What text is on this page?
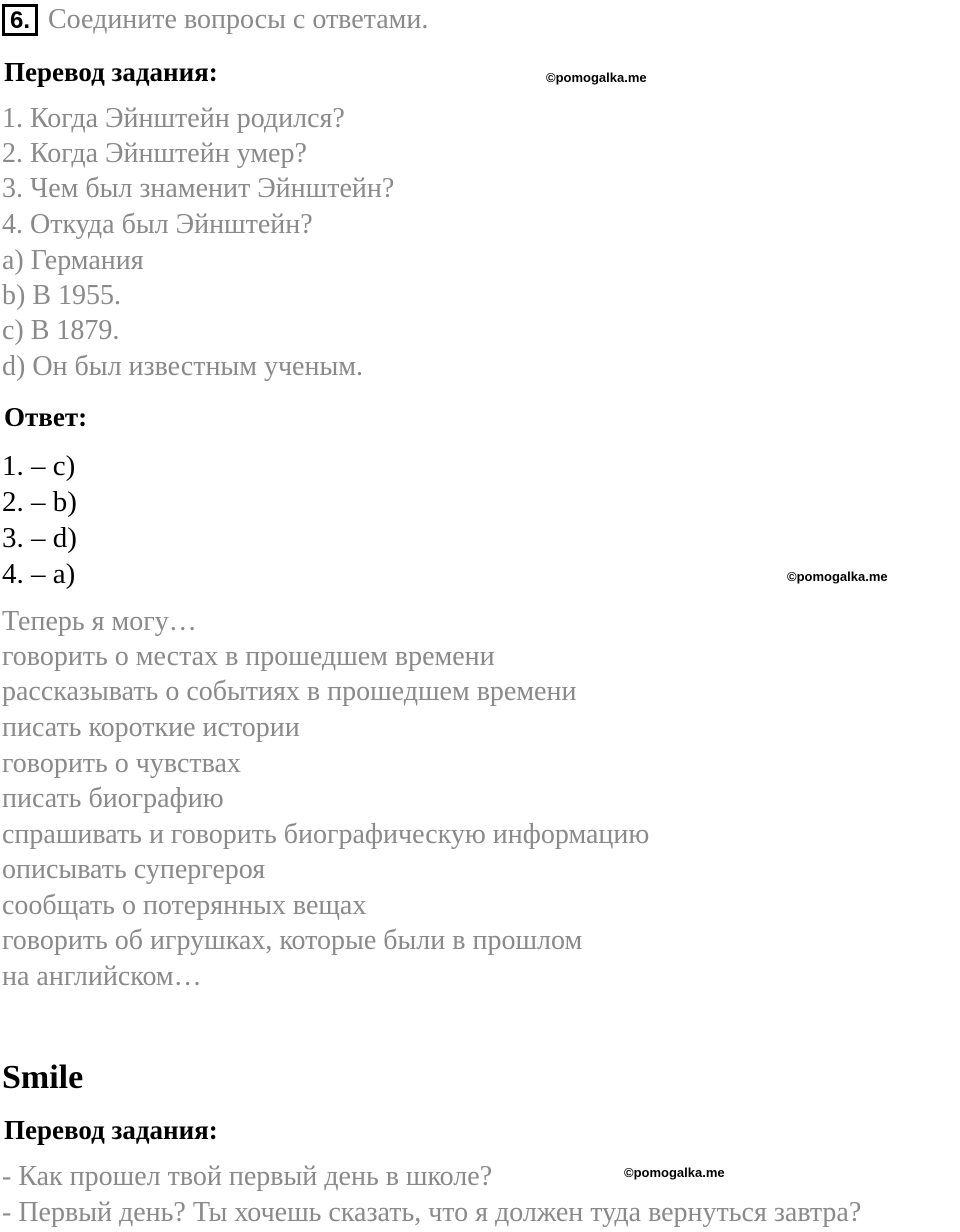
6. Соедините вопросы с ответами.
Перевод задания:	©pomogalka.me
1. Когда Эйнштейн родился?
2. Когда Эйнштейн умер?
3. Чем был знаменит Эйнштейн?
4. Откуда был Эйнштейн?
a) Германия
b) В 1955.
c) В 1879.
d) Он был известным ученым.
Ответ:
1. – c)
2. – b)
3. – d)
4. – a)	©pomogalka.me
Теперь я могу…
говорить о местах в прошедшем времени
рассказывать о событиях в прошедшем времени
писать короткие истории
говорить о чувствах
писать биографию
спрашивать и говорить биографическую информацию
описывать супергероя
сообщать о потерянных вещах
говорить об игрушках, которые были в прошлом
на английском…
Smile
Перевод задания:
- Как прошел твой первый день в школе?	©pomogalka.me
- Первый день? Ты хочешь сказать, что я должен туда вернуться завтра?
